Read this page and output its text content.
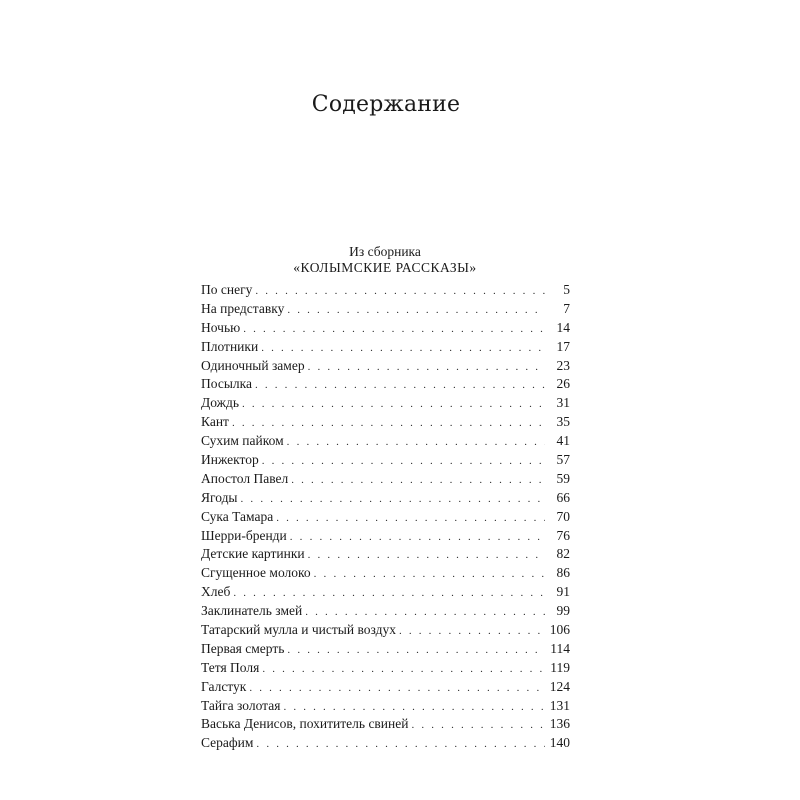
Содержание
Из сборника
«КОЛЫМСКИЕ РАССКАЗЫ»
По снегу . . .	5
На представку . . .	7
Ночью . . .	14
Плотники . . .	17
Одиночный замер . . .	23
Посылка . . .	26
Дождь . . .	31
Кант . . .	35
Сухим пайком . . .	41
Инжектор . . .	57
Апостол Павел . . .	59
Ягоды . . .	66
Сука Тамара . . .	70
Шерри-бренди . . .	76
Детские картинки . . .	82
Сгущенное молоко . . .	86
Хлеб . . .	91
Заклинатель змей . . .	99
Татарский мулла и чистый воздух . . .	106
Первая смерть . . .	114
Тетя Поля . . .	119
Галстук . . .	124
Тайга золотая . . .	131
Васька Денисов, похититель свиней . . .	136
Серафим . . .	140
